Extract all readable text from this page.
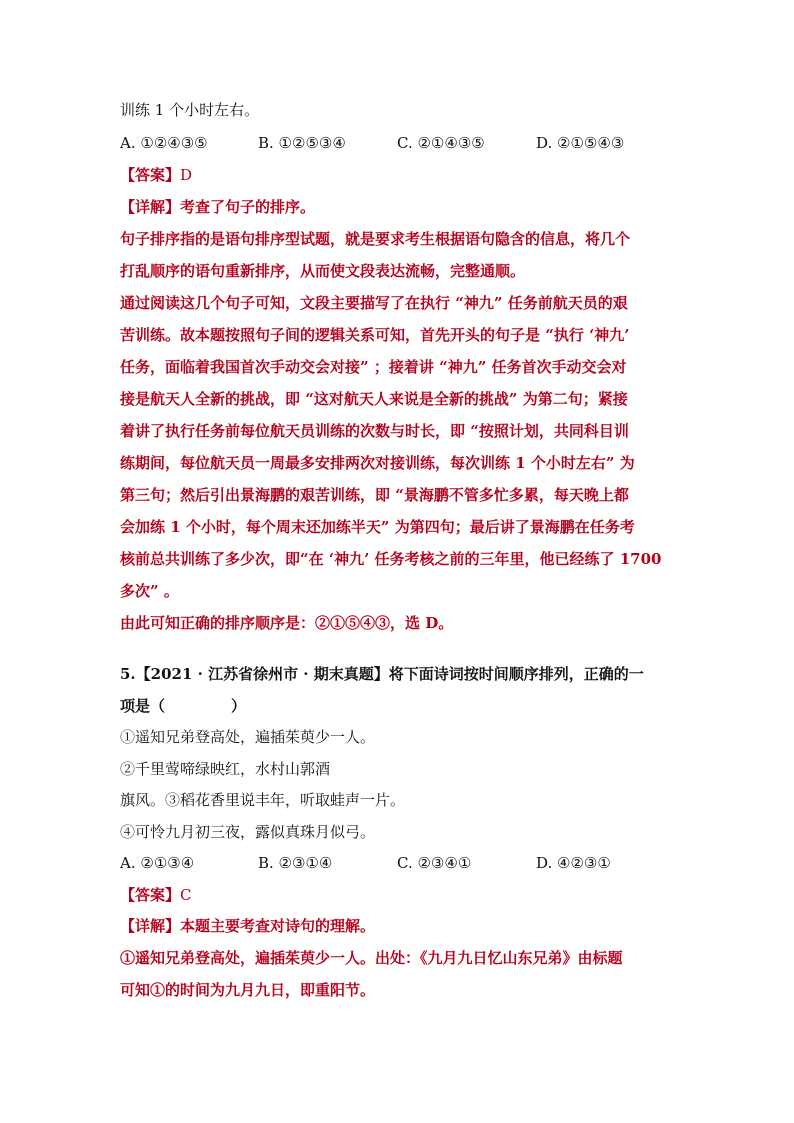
训练 1 个小时左右。
A. ①②④③⑤	B. ①②⑤③④	C. ②①④③⑤	D. ②①⑤④③
【答案】D
【详解】考查了句子的排序。
句子排序指的是语句排序型试题，就是要求考生根据语句隐含的信息，将几个
打乱顺序的语句重新排序，从而使文段表达流畅，完整通顺。
通过阅读这几个句子可知，文段主要描写了在执行 “神九” 任务前航天员的艰
苦训练。故本题按照句子间的逻辑关系可知，首先开头的句子是 “执行 ‘神九’
任务，面临着我国首次手动交会对接” ；接着讲 “神九” 任务首次手动交会对
接是航天人全新的挑战，即 “这对航天人来说是全新的挑战” 为第二句；紧接
着讲了执行任务前每位航天员训练的次数与时长，即 “按照计划，共同科目训
练期间，每位航天员一周最多安排两次对接训练，每次训练 1 个小时左右” 为
第三句；然后引出景海鹏的艰苦训练，即 “景海鹏不管多忙多累，每天晚上都
会加练 1 个小时，每个周末还加练半天” 为第四句；最后讲了景海鹏在任务考
核前总共训练了多少次，即“在 ‘神九’ 任务考核之前的三年里，他已经练了 1700
多次” 。
由此可知正确的排序顺序是：②①⑤④③，选 D。
5.【2021 · 江苏省徐州市 · 期末真题】将下面诗词按时间顺序排列，正确的一
项是（	）
①遥知兄弟登高处，遍插茱萸少一人。
②千里莺啼绿映红，水村山郭酒
旗风。③稻花香里说丰年，听取蛙声一片。
④可怜九月初三夜，露似真珠月似弓。
A. ②①③④	B. ②③①④	C. ②③④①	D. ④②③①
【答案】C
【详解】本题主要考查对诗句的理解。
①遥知兄弟登高处，遍插茱萸少一人。出处：《九月九日忆山东兄弟》由标题
可知①的时间为九月九日，即重阳节。
